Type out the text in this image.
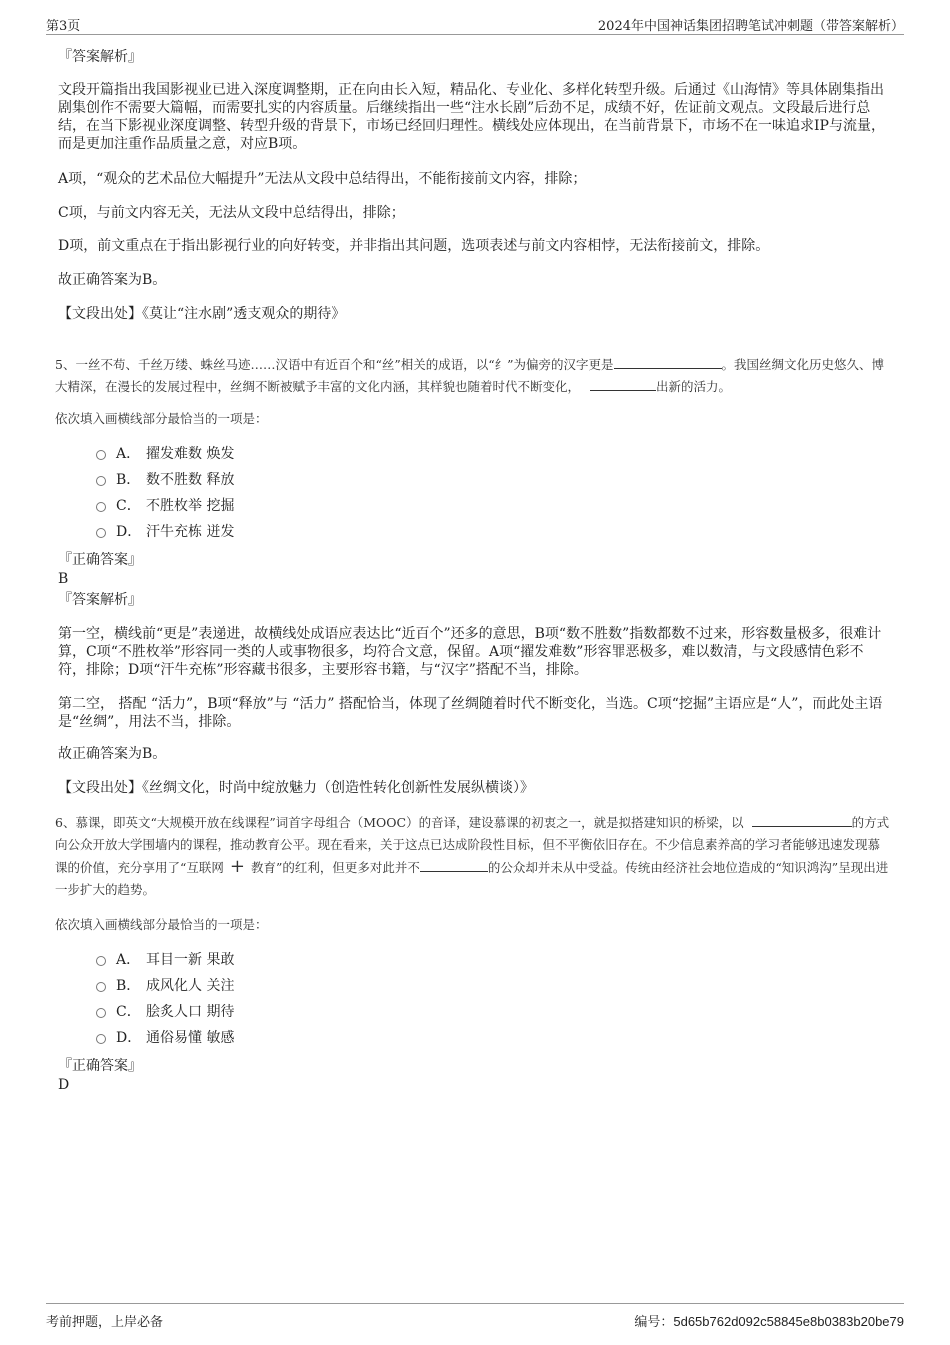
第3页	2024年中国神话集团招聘笔试冲刺题（带答案解析）
『答案解析』
文段开篇指出我国影视业已进入深度调整期，正在向由长入短，精品化、专业化、多样化转型升级。后通过《山海情》等具体剧集指出剧集创作不需要大篇幅，而需要扎实的内容质量。后继续指出一些“注水长剧”后劲不足，成绩不好，佐证前文观点。文段最后进行总结，在当下影视业深度调整、转型升级的背景下，市场已经回归理性。横线处应体现出，在当前背景下，市场不在一味追求IP与流量，而是更加注重作品质量之意，对应B项。
A项，“观众的艺术品位大幅提升”无法从文段中总结得出，不能衔接前文内容，排除；
C项，与前文内容无关，无法从文段中总结得出，排除；
D项，前文重点在于指出影视行业的向好转变，并非指出其问题，选项表述与前文内容相悖，无法衔接前文，排除。
故正确答案为B。
【文段出处】《莫让“注水剧”透支观众的期待》
5、一丝不苟、千丝万缕、蛛丝马迹……汉语中有近百个和“丝”相关的成语，以“纟”为偏旁的汉字更是	。我国丝绸文化历史悠久、博大精深，在漫长的发展过程中，丝绸不断被赋予丰富的文化内涵，其样貌也随着时代不断变化，	出新的活力。
依次填入画横线部分最恰当的一项是：
A． 擢发难数 焕发
B． 数不胜数 释放
C． 不胜枚举 挖掘
D． 汗牛充栋 迸发
『正确答案』
B
『答案解析』
第一空，横线前“更是”表递进，故横线处成语应表达比“近百个”还多的意思，B项“数不胜数”指数都数不过来，形容数量极多，很难计算，C项“不胜枚举”形容同一类的人或事物很多，均符合文意，保留。A项“擢发难数”形容罪恶极多，难以数清，与文段感情色彩不符，排除；D项“汗牛充栋”形容藏书很多，主要形容书籍，与“汉字”搭配不当，排除。
第二空， 搭配 “活力”，B项“释放”与 “活力” 搭配恰当，体现了丝绸随着时代不断变化，当选。C项“挖掘”主语应是“人”，而此处主语是“丝绸”，用法不当，排除。
故正确答案为B。
【文段出处】《丝绸文化，时尚中绽放魅力（创造性转化创新性发展纵横谈）》
6、慕课，即英文“大规模开放在线课程”词首字母组合（MOOC）的音译，建设慕课的初衷之一，就是拟搭建知识的桥梁，以	的方式向公众开放大学围墙内的课程，推动教育公平。现在看来，关于这点已达成阶段性目标，但不平衡依旧存在。不少信息素养高的学习者能够迅速发现慕课的价值，充分享用了“互联网 + 教育”的红利，但更多对此并不	的公众却并未从中受益。传统由经济社会地位造成的“知识鸿沟”呈现出进一步扩大的趋势。
依次填入画横线部分最恰当的一项是：
A． 耳目一新 果敢
B． 成风化人 关注
C． 脍炙人口 期待
D． 通俗易懂 敏感
『正确答案』
D
考前押题，上岸必备	编号：5d65b762d092c58845e8b0383b20be79
